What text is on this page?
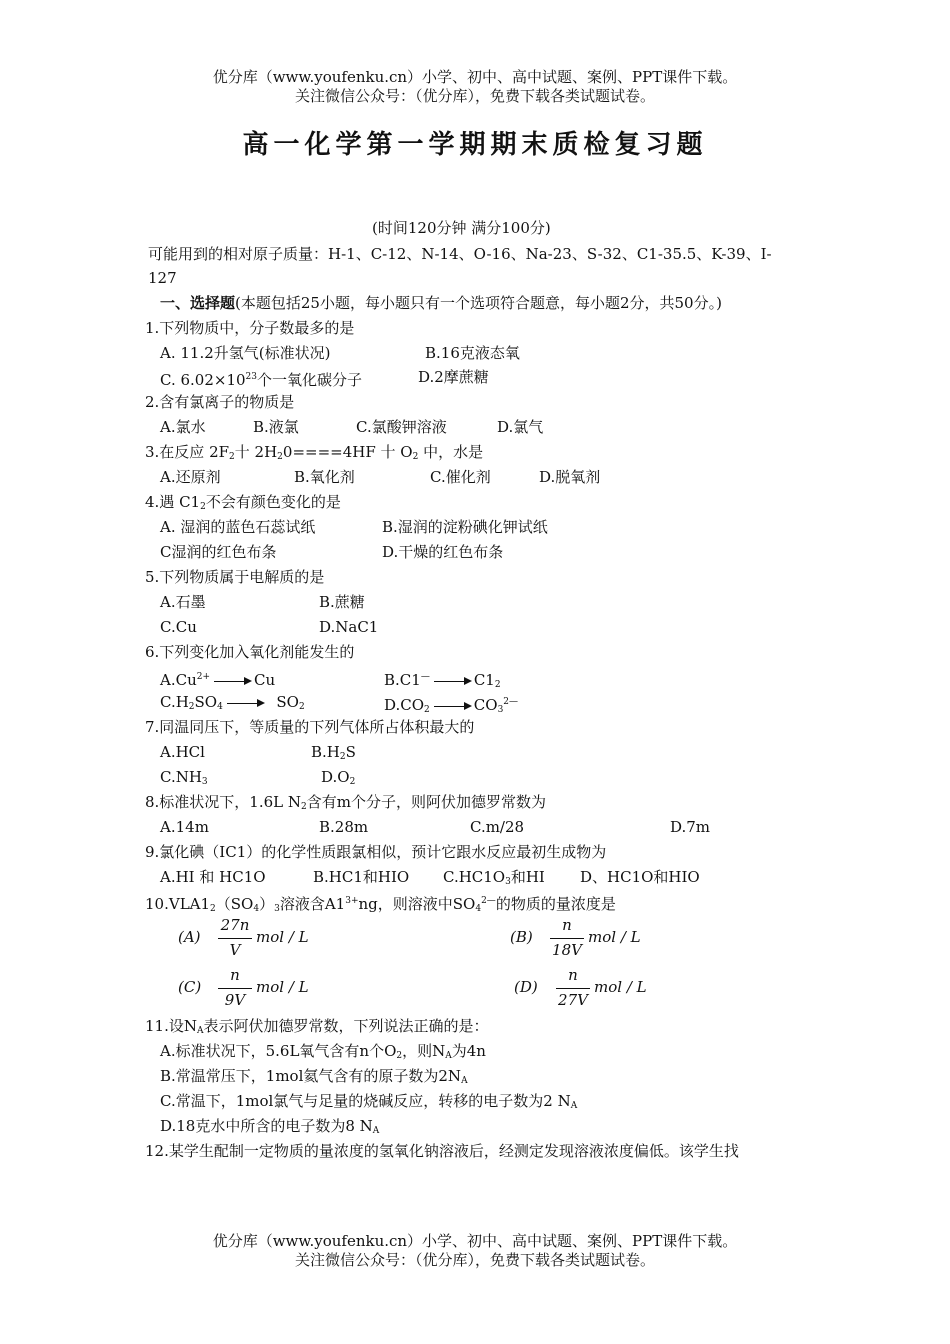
优分库（www.youfenku.cn）小学、初中、高中试题、案例、PPT课件下载。
关注微信公众号：（优分库），免费下载各类试题试卷。
高一化学第一学期期末质检复习题
(时间120分钟 满分100分)
可能用到的相对原子质量：H-1、C-12、N-14、O-16、Na-23、S-32、C1-35.5、K-39、I-
127
一、选择题(本题包括25小题，每小题只有一个选项符合题意，每小题2分，共50分。)
1.下列物质中，分子数最多的是
A. 11.2升氢气(标准状况)	B.16克液态氧
C. $6.02\times 10^{23}$个一氧化碳分子	D.2摩蔗糖
2.含有氯离子的物质是
A.氯水	B.液氯	C.氯酸钾溶液	D.氯气
3.在反应 $2F_2$十 $2H_20====4HF$ 十 $O_2$ 中，水是
A.还原剂	B.氧化剂	C.催化剂	D.脱氧剂
4.遇 $C1_2$不会有颜色变化的是
A. 湿润的蓝色石蕊试纸	B.湿润的淀粉碘化钾试纸
C湿润的红色布条	D.干燥的红色布条
5.下列物质属于电解质的是
A.石墨	B.蔗糖
C.Cu	D.NaC1
6.下列变化加入氧化剂能发生的
$A.Cu^{2+} \to Cu$	$B.C1^— \to C1_2$
$C.H_2SO_4 \to SO_2$	$D.CO_2 \to CO_3^{2—}$
7.同温同压下，等质量的下列气体所占体积最大的
A.HCl	$B.H_2S$
$C.NH_3$	$D.O_2$
8.标准状况下，1.6L $N_2$含有m个分子，则阿伏加德罗常数为
A.14m	B.28m	C.m/28	D.7m
9.氯化碘（IC1）的化学性质跟氯相似，预计它跟水反应最初生成物为
A.HI 和 HC1O	B.HC1和HIO $C.HC1O_3$和HI D、HC1O和HIO
$10.VLA1_2(SO_4)_3$溶液含$A1^{3+}ng$，则溶液中$SO_4^{2—}$的物质的量浓度是
(A)
27n
V
mol / L	(B)
n
18V
mol / L
(C)
n
9V
mol / L	(D)
n
27V
mol / L
11.设$N_A$表示阿伏加德罗常数，下列说法正确的是：
A.标准状况下，5.6L氧气含有n个$O_2$，则$N_A$为4n
B.常温常压下，1mol氦气含有的原子数为$2N_A$
C.常温下，1mol氯气与足量的烧碱反应，转移的电子数为2 $N_A$
D.18克水中所含的电子数为8 $N_A$
12.某学生配制一定物质的量浓度的氢氧化钠溶液后，经测定发现溶液浓度偏低。该学生找
优分库（www.youfenku.cn）小学、初中、高中试题、案例、PPT课件下载。
关注微信公众号：（优分库），免费下载各类试题试卷。
